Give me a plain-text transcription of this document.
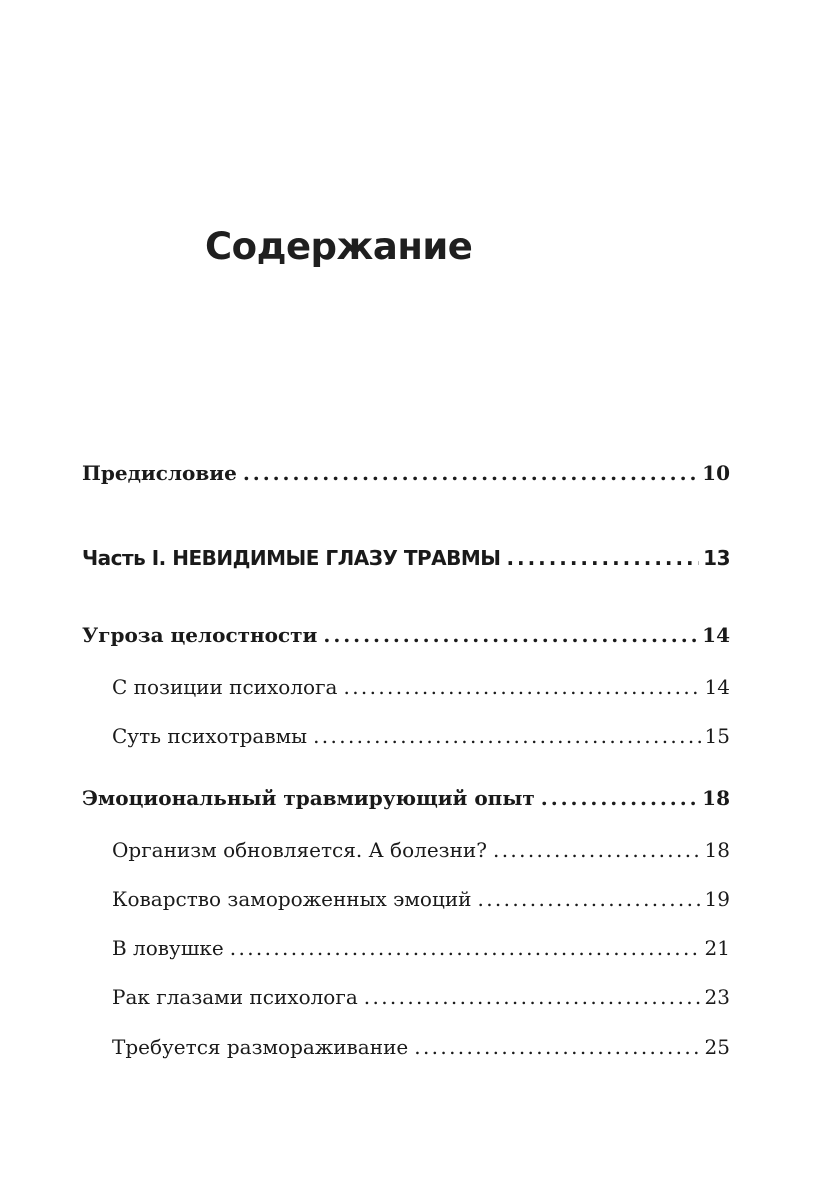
Содержание
Предисловие . . .	10
Часть I. НЕВИДИМЫЕ ГЛАЗУ ТРАВМЫ . . .	13
Угроза целостности . . .	14
С позиции психолога . . .	14
Суть психотравмы . . .	15
Эмоциональный травмирующий опыт . . .	18
Организм обновляется. А болезни? . . .	18
Коварство замороженных эмоций . . .	19
В ловушке . . .	21
Рак глазами психолога . . .	23
Требуется размораживание . . .	25
